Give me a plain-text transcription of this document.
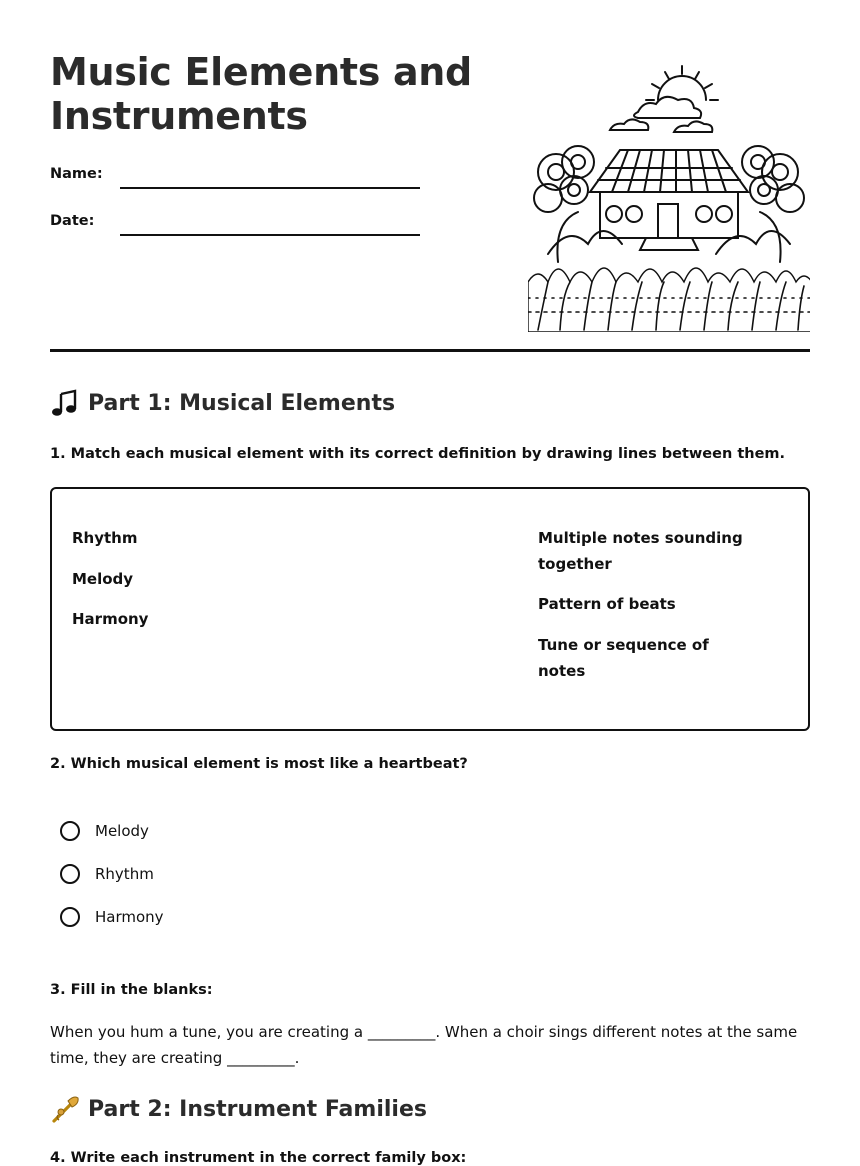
Music Elements and Instruments
Name:
Date:
Part 1: Musical Elements
1. Match each musical element with its correct definition by drawing lines between them.
Rhythm
Melody
Harmony
Multiple notes sounding together
Pattern of beats
Tune or sequence of notes
2. Which musical element is most like a heartbeat?
Melody
Rhythm
Harmony
3. Fill in the blanks:

When you hum a tune, you are creating a _________. When a choir sings different notes at the same time, they are creating _________.

Part 2: Instrument Families
4. Write each instrument in the correct family box:
